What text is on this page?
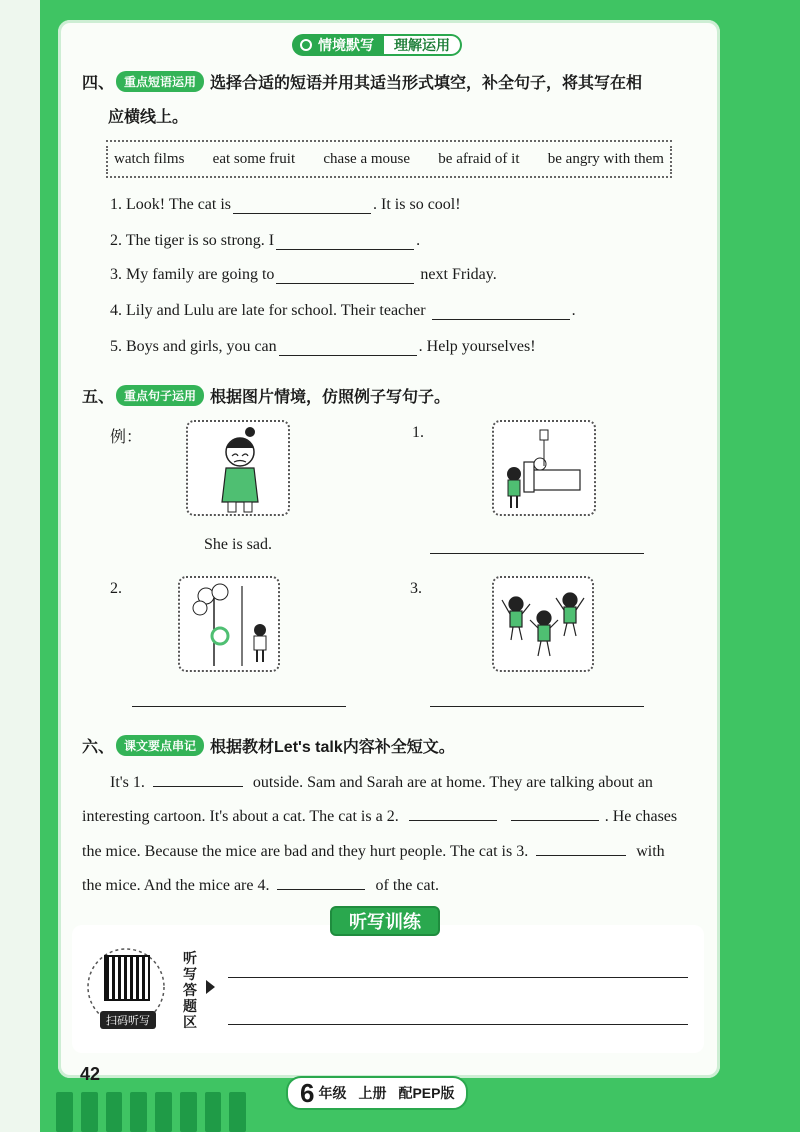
情境默写 理解运用
四、 重点短语运用 选择合适的短语并用其适当形式填空，补全句子，将其写在相
应横线上。
watch films eat some fruit chase a mouse be afraid of it be angry with them
1. Look! The cat is	. It is so cool!
2. The tiger is so strong. I	.
3. My family are going to	next Friday.
4. Lily and Lulu are late for school. Their teacher	.
5. Boys and girls, you can	. Help yourselves!
五、 重点句子运用 根据图片情境，仿照例子写句子。
例：
She is sad.
1.
2.	3.
六、 课文要点串记 根据教材Let's talk内容补全短文。
It's 1.	outside. Sam and Sarah are at home. They are talking about an
interesting cartoon. It's about a cat. The cat is a 2.	. He chases
the mice. Because the mice are bad and they hurt people. The cat is 3.	with
the mice. And the mice are 4.	of the cat.
听写训练
扫码听写
听写答题区
42
6 年级 上册 配PEP版
